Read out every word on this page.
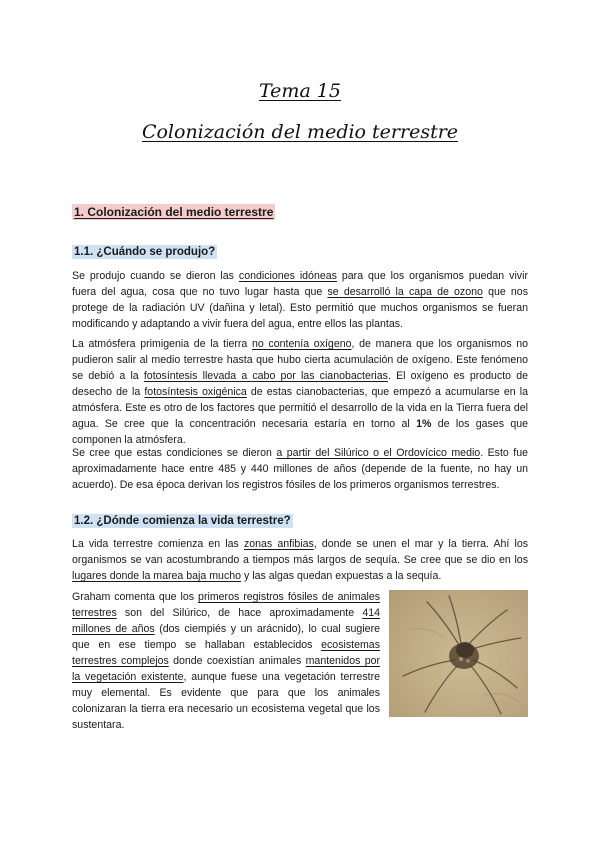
Tema 15
Colonización del medio terrestre
1. Colonización del medio terrestre
1.1. ¿Cuándo se produjo?

Se produjo cuando se dieron las condiciones idóneas para que los organismos puedan vivir fuera del agua, cosa que no tuvo lugar hasta que se desarrolló la capa de ozono que nos protege de la radiación UV (dañina y letal). Esto permitió que muchos organismos se fueran modificando y adaptando a vivir fuera del agua, entre ellos las plantas.

La atmósfera primigenia de la tierra no contenía oxígeno, de manera que los organismos no pudieron salir al medio terrestre hasta que hubo cierta acumulación de oxígeno. Este fenómeno se debió a la fotosíntesis llevada a cabo por las cianobacterias. El oxígeno es producto de desecho de la fotosíntesis oxigénica de estas cianobacterias, que empezó a acumularse en la atmósfera. Este es otro de los factores que permitió el desarrollo de la vida en la Tierra fuera del agua. Se cree que la concentración necesaria estaría en torno al 1% de los gases que componen la atmósfera.

Se cree que estas condiciones se dieron a partir del Silúrico o el Ordovícico medio. Esto fue aproximadamente hace entre 485 y 440 millones de años (depende de la fuente, no hay un acuerdo). De esa época derivan los registros fósiles de los primeros organismos terrestres.

1.2. ¿Dónde comienza la vida terrestre?

La vida terrestre comienza en las zonas anfibias, donde se unen el mar y la tierra. Ahí los organismos se van acostumbrando a tiempos más largos de sequía. Se cree que se dio en los lugares donde la marea baja mucho y las algas quedan expuestas a la sequía.

Graham comenta que los primeros registros fósiles de animales terrestres son del Silúrico, de hace aproximadamente 414 millones de años (dos ciempiés y un arácnido), lo cual sugiere que en ese tiempo se hallaban establecidos ecosistemas terrestres complejos donde coexistían animales mantenidos por la vegetación existente, aunque fuese una vegetación terrestre muy elemental. Es evidente que para que los animales colonizaran la tierra era necesario un ecosistema vegetal que los sustentara.
